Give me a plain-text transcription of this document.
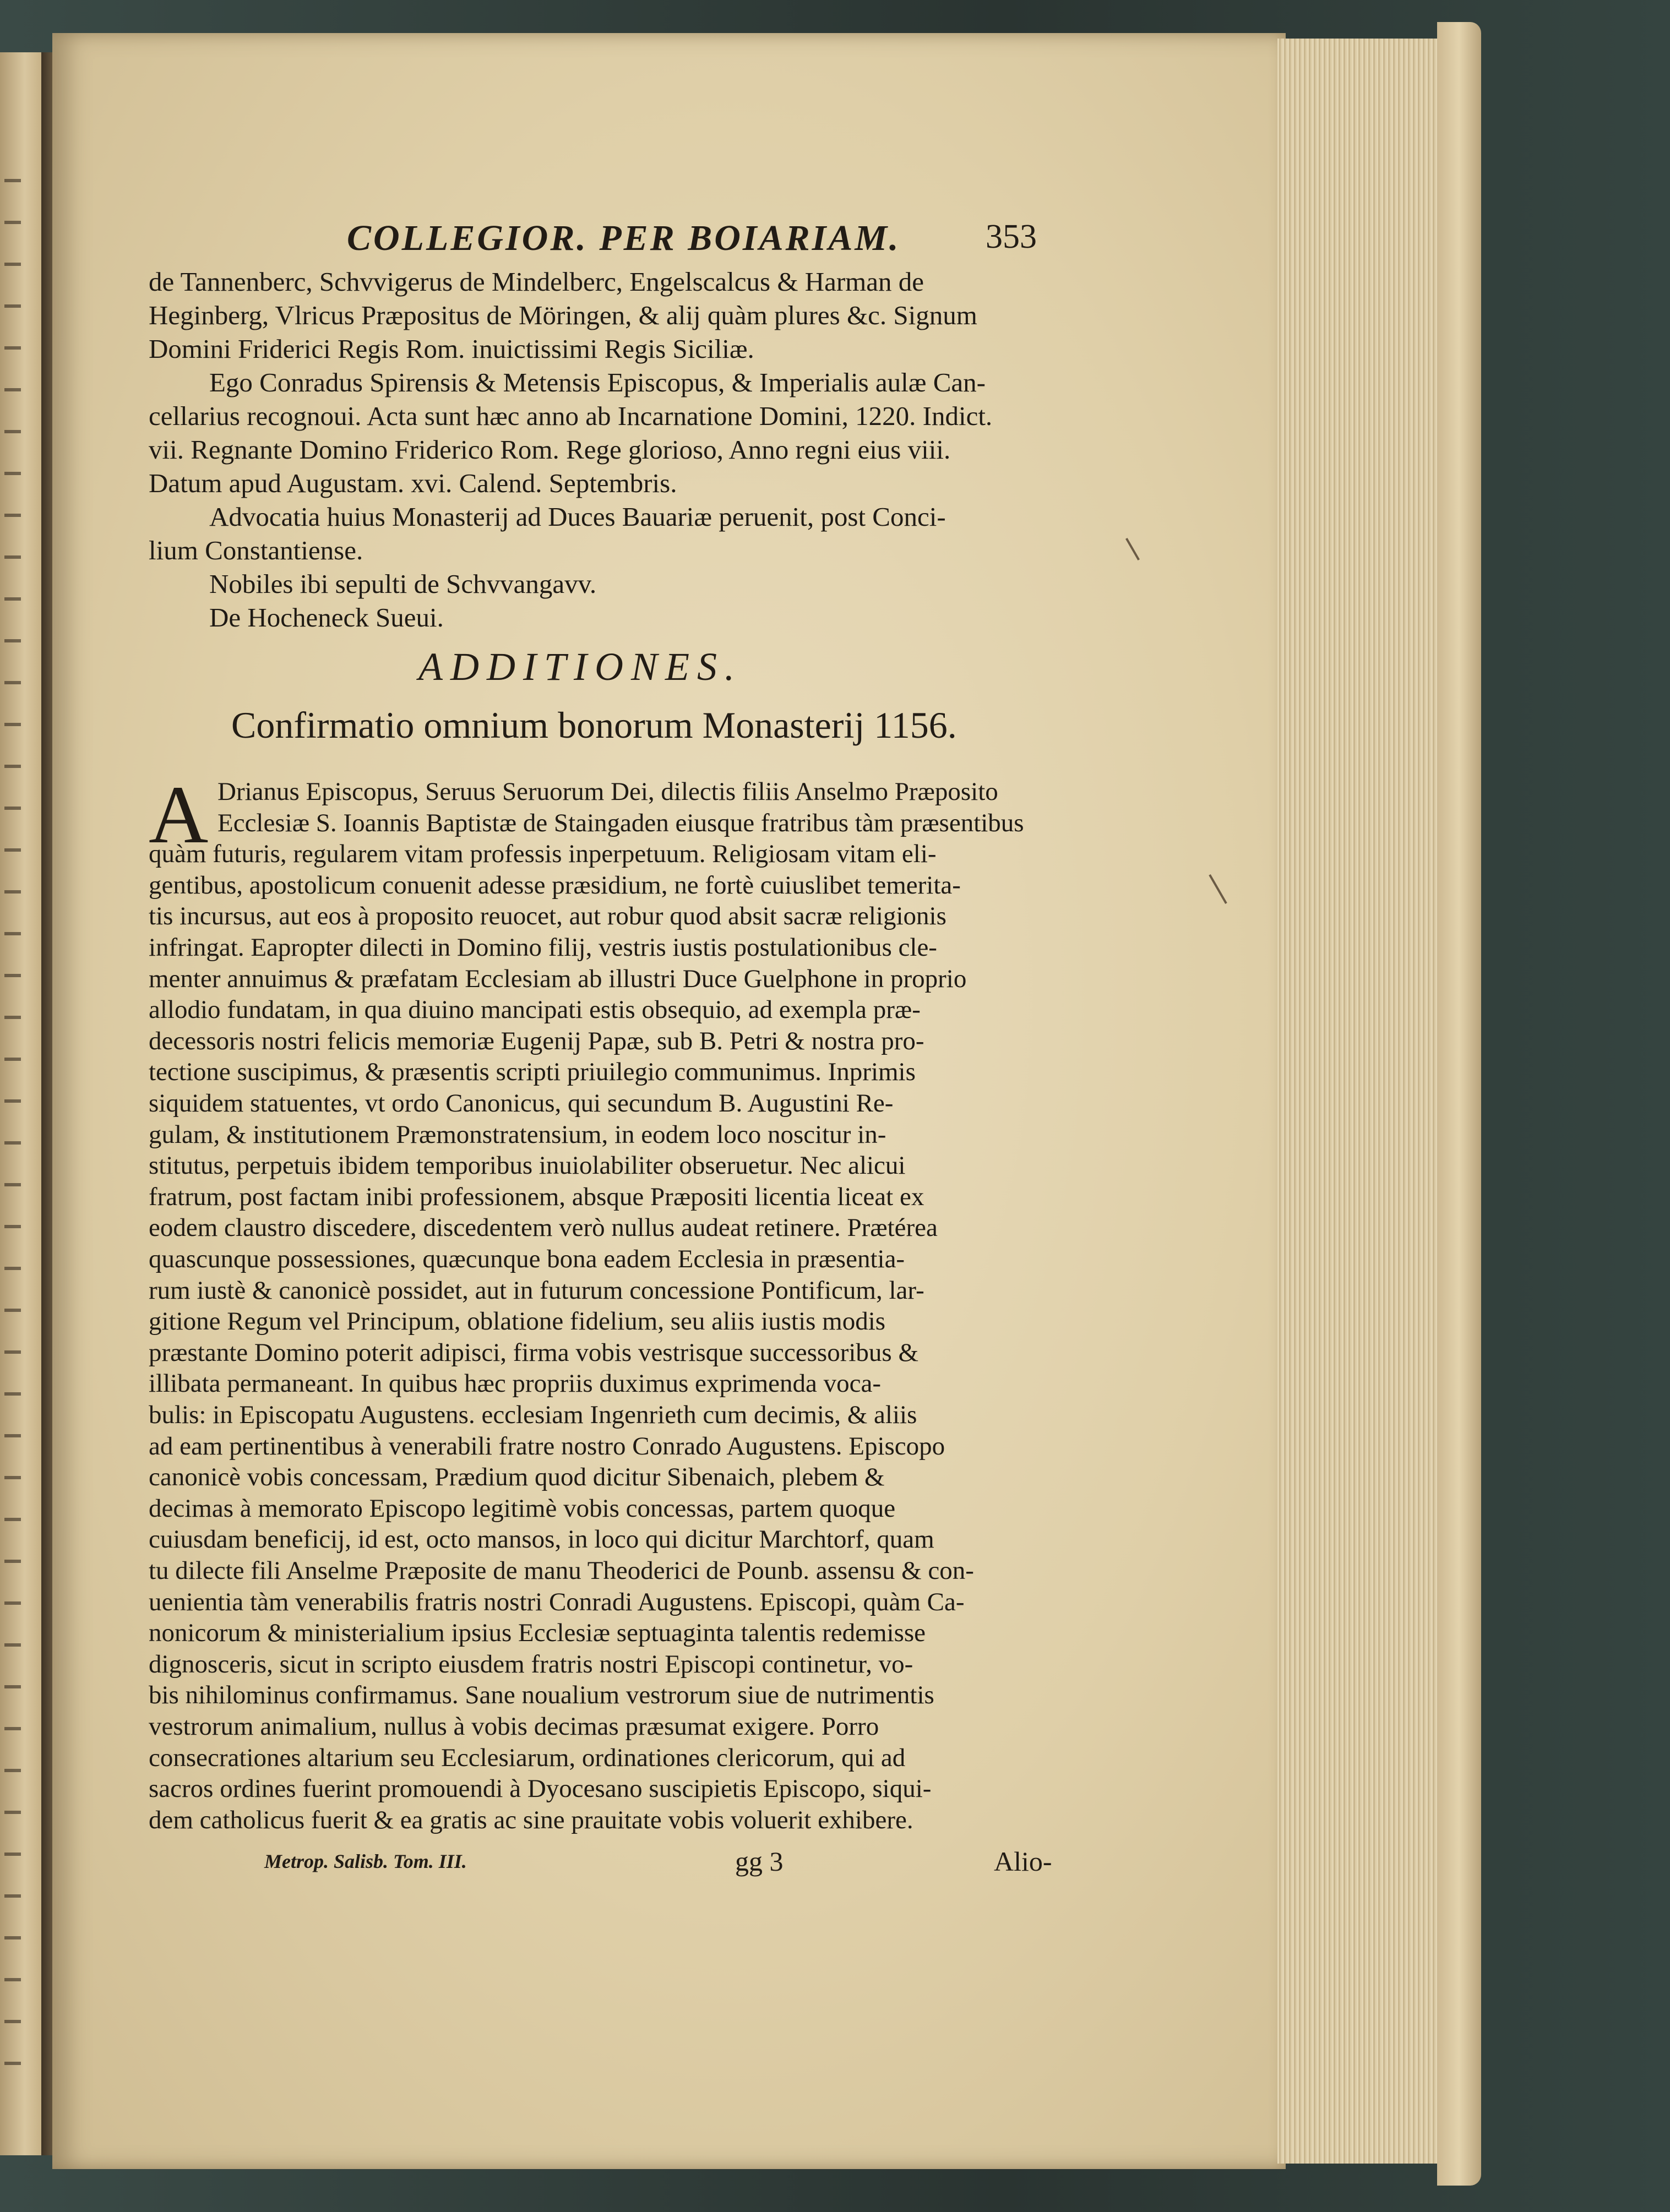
COLLEGIOR. PER BOIARIAM.	353
de Tannenberc, Schvvigerus de Mindelberc, Engelscalcus & Harman de
Heginberg, Vlricus Præpositus de Möringen, & alij quàm plures &c. Signum
Domini Friderici Regis Rom. inuictissimi Regis Siciliæ.
Ego Conradus Spirensis & Metensis Episcopus, & Imperialis aulæ Can-
cellarius recognoui. Acta sunt hæc anno ab Incarnatione Domini, 1220. Indict.
vii. Regnante Domino Friderico Rom. Rege glorioso, Anno regni eius viii.
Datum apud Augustam. xvi. Calend. Septembris.
Advocatia huius Monasterij ad Duces Bauariæ peruenit, post Conci-
lium Constantiense.
Nobiles ibi sepulti de Schvvangavv.
De Hocheneck Sueui.
ADDITIONES.
Confirmatio omnium bonorum Monasterij 1156.
A Drianus Episcopus, Seruus Seruorum Dei, dilectis filiis Anselmo Præposito
Ecclesiæ S. Ioannis Baptistæ de Staingaden eiusque fratribus tàm præsentibus
quàm futuris, regularem vitam professis inperpetuum. Religiosam vitam eli-
gentibus, apostolicum conuenit adesse præsidium, ne fortè cuiuslibet temerita-
tis incursus, aut eos à proposito reuocet, aut robur quod absit sacræ religionis
infringat. Eapropter dilecti in Domino filij, vestris iustis postulationibus cle-
menter annuimus & præfatam Ecclesiam ab illustri Duce Guelphone in proprio
allodio fundatam, in qua diuino mancipati estis obsequio, ad exempla præ-
decessoris nostri felicis memoriæ Eugenij Papæ, sub B. Petri & nostra pro-
tectione suscipimus, & præsentis scripti priuilegio communimus. Inprimis
siquidem statuentes, vt ordo Canonicus, qui secundum B. Augustini Re-
gulam, & institutionem Præmonstratensium, in eodem loco noscitur in-
stitutus, perpetuis ibidem temporibus inuiolabiliter obseruetur. Nec alicui
fratrum, post factam inibi professionem, absque Præpositi licentia liceat ex
eodem claustro discedere, discedentem verò nullus audeat retinere. Prætérea
quascunque possessiones, quæcunque bona eadem Ecclesia in præsentia-
rum iustè & canonicè possidet, aut in futurum concessione Pontificum, lar-
gitione Regum vel Principum, oblatione fidelium, seu aliis iustis modis
præstante Domino poterit adipisci, firma vobis vestrisque successoribus &
illibata permaneant. In quibus hæc propriis duximus exprimenda voca-
bulis: in Episcopatu Augustens. ecclesiam Ingenrieth cum decimis, & aliis
ad eam pertinentibus à venerabili fratre nostro Conrado Augustens. Episcopo
canonicè vobis concessam, Prædium quod dicitur Sibenaich, plebem &
decimas à memorato Episcopo legitimè vobis concessas, partem quoque
cuiusdam beneficij, id est, octo mansos, in loco qui dicitur Marchtorf, quam
tu dilecte fili Anselme Præposite de manu Theoderici de Pounb. assensu & con-
uenientia tàm venerabilis fratris nostri Conradi Augustens. Episcopi, quàm Ca-
nonicorum & ministerialium ipsius Ecclesiæ septuaginta talentis redemisse
dignosceris, sicut in scripto eiusdem fratris nostri Episcopi continetur, vo-
bis nihilominus confirmamus. Sane noualium vestrorum siue de nutrimentis
vestrorum animalium, nullus à vobis decimas præsumat exigere. Porro
consecrationes altarium seu Ecclesiarum, ordinationes clericorum, qui ad
sacros ordines fuerint promouendi à Dyocesano suscipietis Episcopo, siqui-
dem catholicus fuerit & ea gratis ac sine prauitate vobis voluerit exhibere.
Metrop. Salisb. Tom. III.	gg 3	Alio-
